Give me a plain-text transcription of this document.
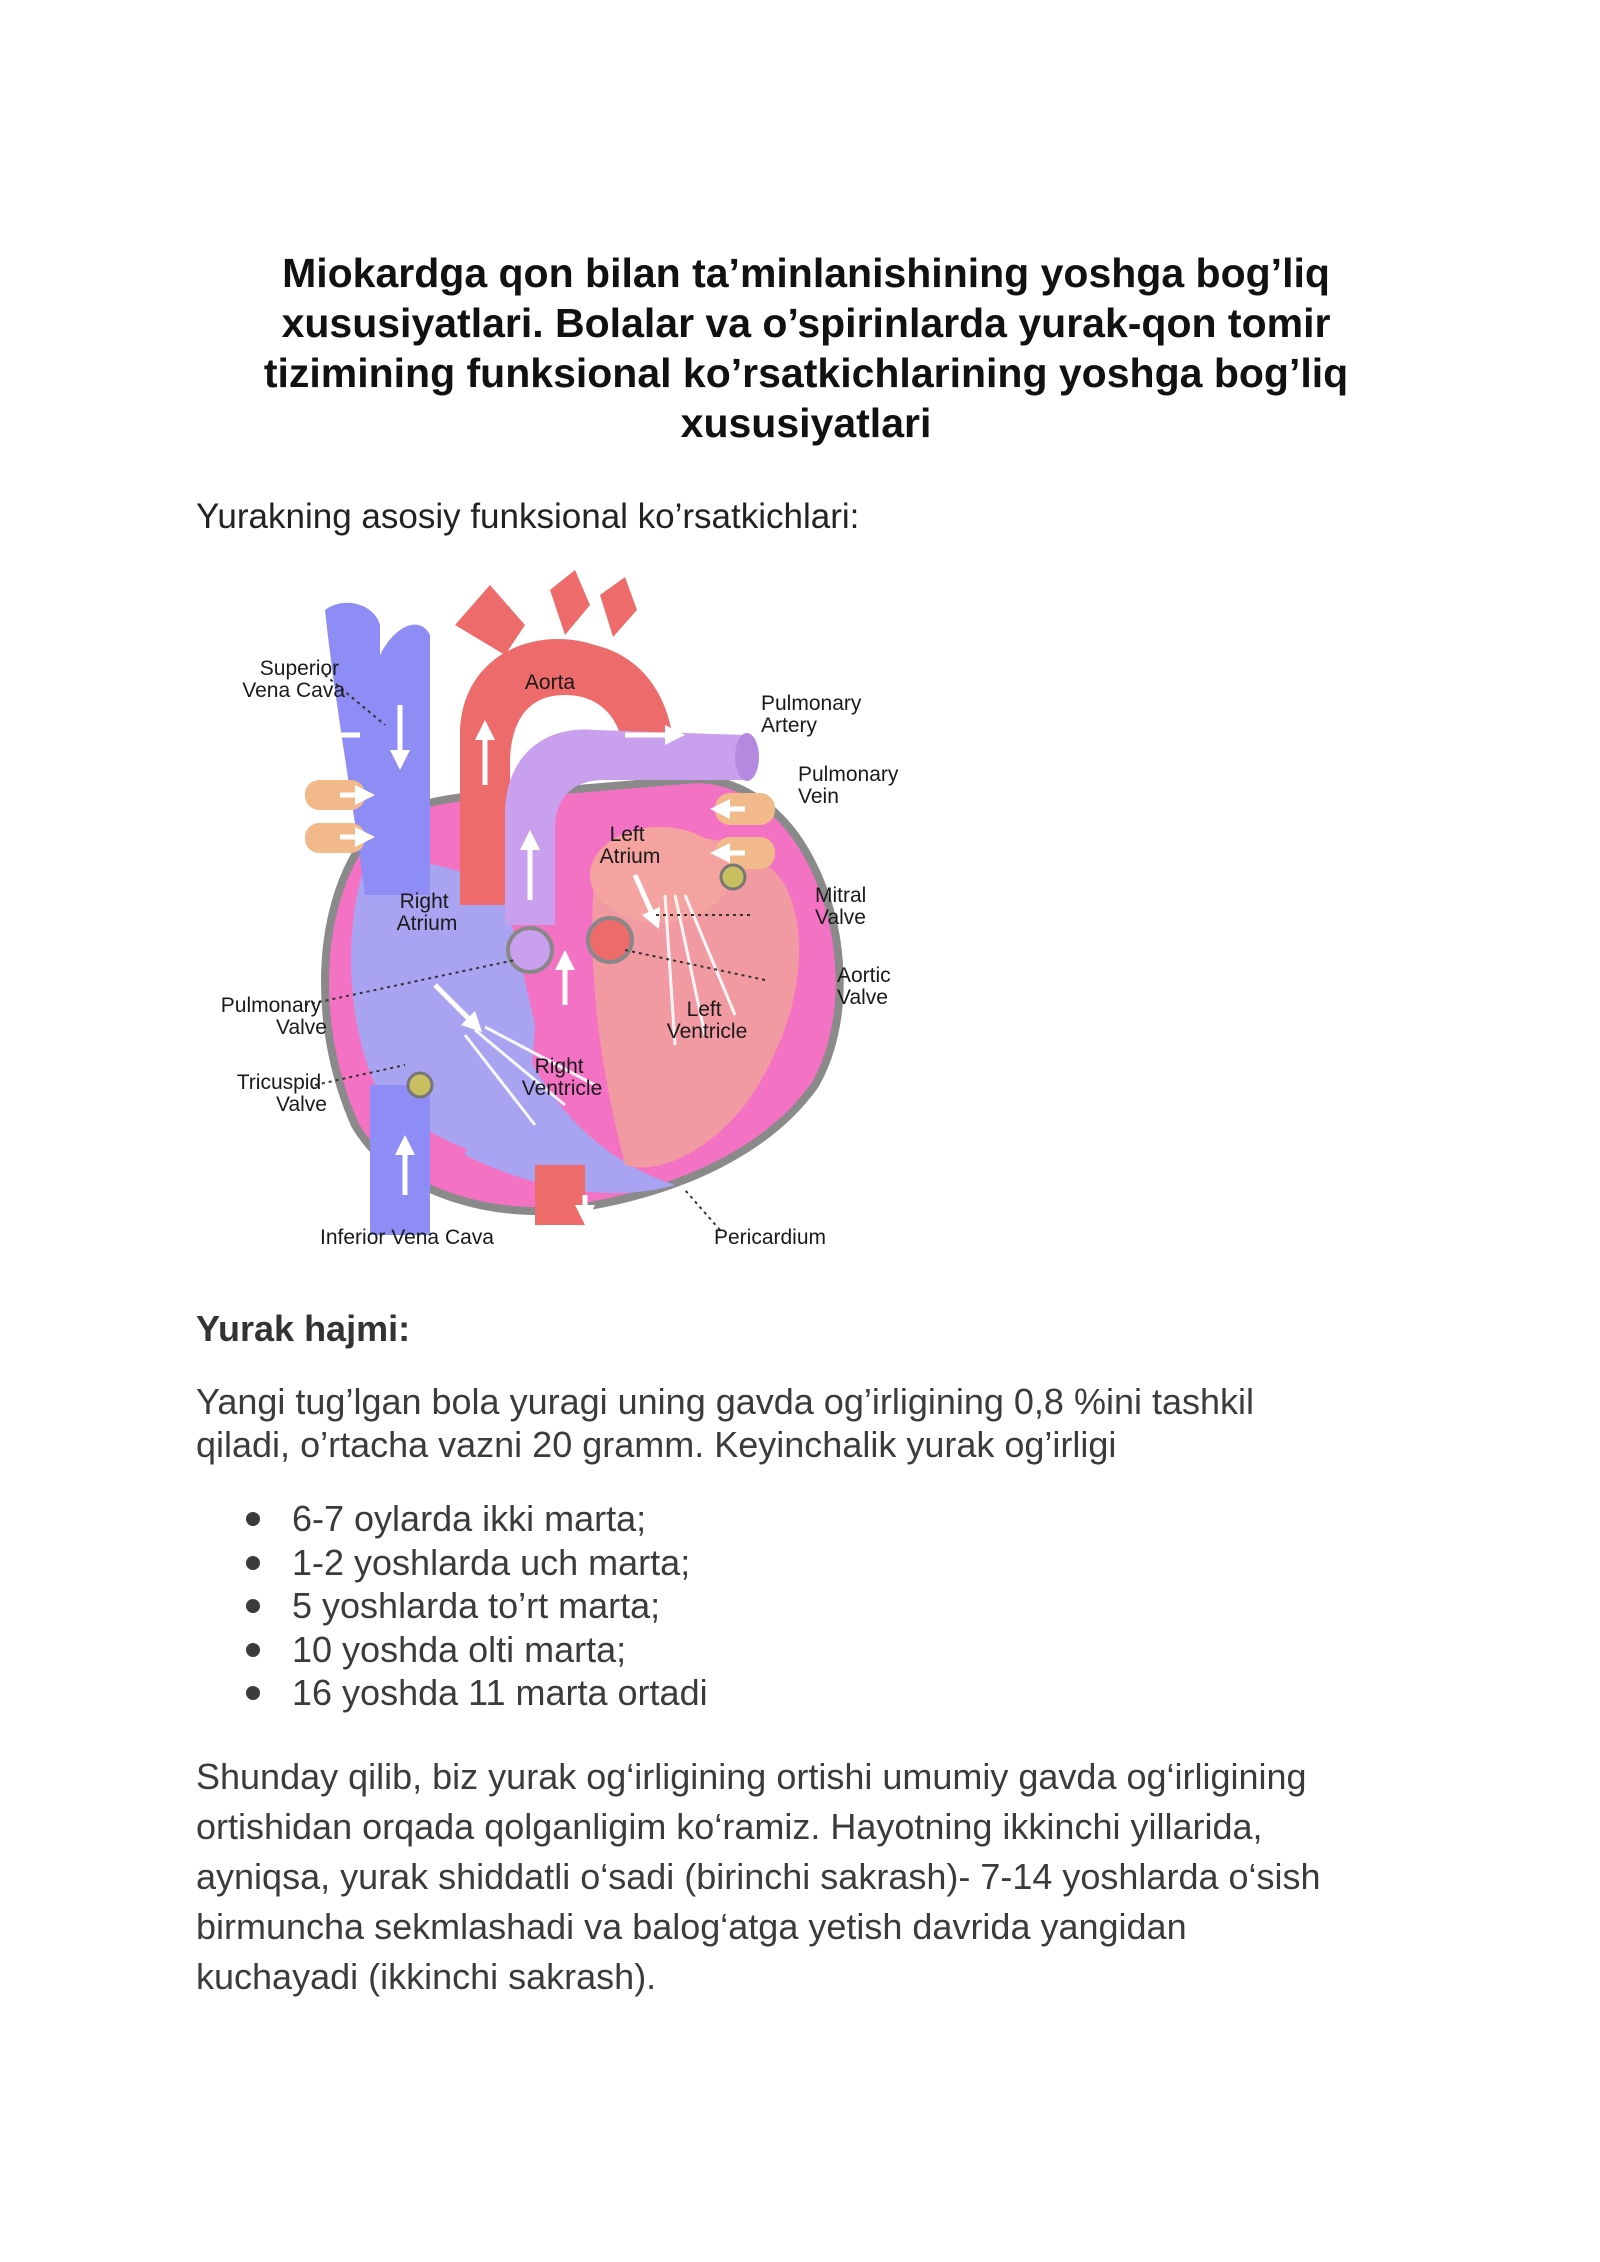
Miokardga qon bilan ta’minlanishining yoshga bog’liq
xususiyatlari. Bolalar va o’spirinlarda yurak-qon tomir
tizimining funksional ko’rsatkichlarining yoshga bog’liq
xususiyatlari

Yurakning asosiy funksional ko’rsatkichlari:

Superior Vena Cava	Aorta
Pulmonary Artery
Pulmonary Vein
Left Atrium
Right Atrium
Mitral Valve
Aortic Valve
Pulmonary Valve
Left Ventricle
Tricuspid Valve
Right Ventricle
Inferior Vena Cava	Pericardium
Yurak hajmi:

Yangi tug’lgan bola yuragi uning gavda og’irligining 0,8 %ini tashkil
qiladi, o’rtacha vazni 20 gramm. Keyinchalik yurak og’irligi

6-7 oylarda ikki marta;
1-2 yoshlarda uch marta;
5 yoshlarda to’rt marta;
10 yoshda olti marta;
16 yoshda 11 marta ortadi

Shunday qilib, biz yurak og‘irligining ortishi umumiy gavda og‘irligining
ortishidan orqada qolganligim ko‘ramiz. Hayotning ikkinchi yillarida,
ayniqsa, yurak shiddatli o‘sadi (birinchi sakrash)- 7-14 yoshlarda o‘sish
birmuncha sekmlashadi va balog‘atga yetish davrida yangidan
kuchayadi (ikkinchi sakrash).
